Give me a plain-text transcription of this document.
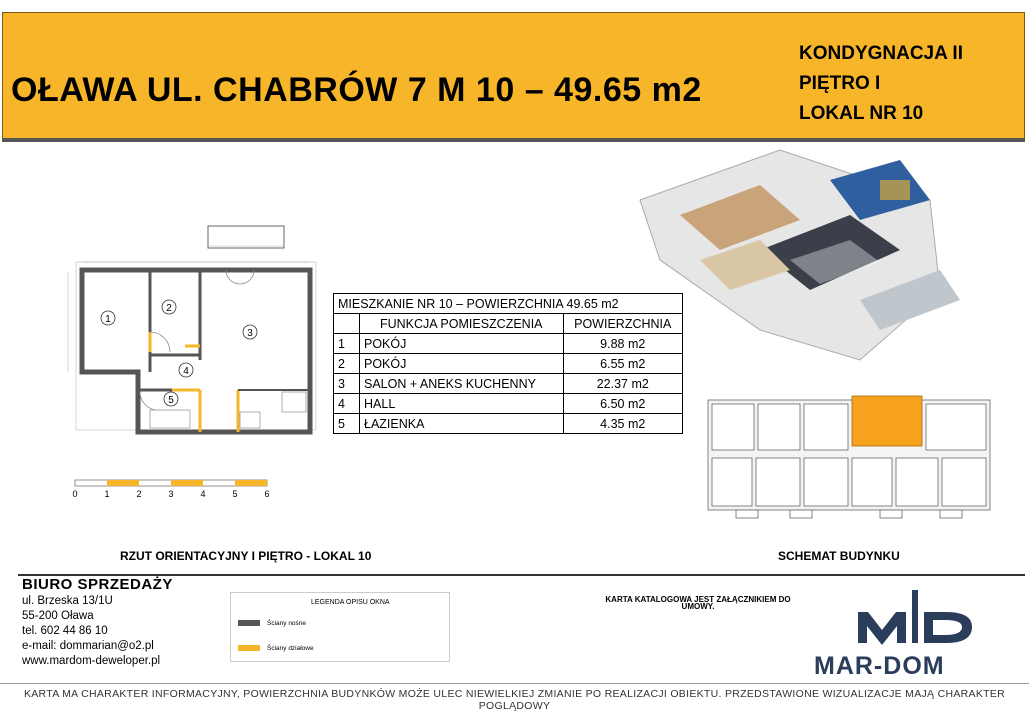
OŁAWA UL. CHABRÓW 7 M 10 – 49.65 m2
KONDYGNACJA II
PIĘTRO I
LOKAL NR 10
1
2
3
4
5
0	1	2	3	4	5	6
MIESZKANIE NR 10 – POWIERZCHNIA 49.65 m2		
	FUNKCJA POMIESZCZENIA	POWIERZCHNIA
1	POKÓJ	9.88 m2
2	POKÓJ	6.55 m2
3	SALON + ANEKS KUCHENNY	22.37 m2
4	HALL	6.50 m2
5	ŁAZIENKA	4.35 m2
RZUT ORIENTACYJNY I PIĘTRO - LOKAL 10	SCHEMAT BUDYNKU
BIURO SPRZEDAŻY
ul. Brzeska 13/1U
55-200 Oława
tel. 602 44 86 10
e-mail: dommarian@o2.pl
www.mardom-deweloper.pl
LEGENDA OPISU OKNA
Ściany nośne
Ściany działowe
KARTA KATALOGOWA JEST ZAŁĄCZNIKIEM DO UMOWY.
MAR-DOM
KARTA MA CHARAKTER INFORMACYJNY, POWIERZCHNIA BUDYNKÓW MOŻE ULEC NIEWIELKIEJ ZMIANIE PO REALIZACJI OBIEKTU. PRZEDSTAWIONE WIZUALIZACJE MAJĄ CHARAKTER POGLĄDOWY
